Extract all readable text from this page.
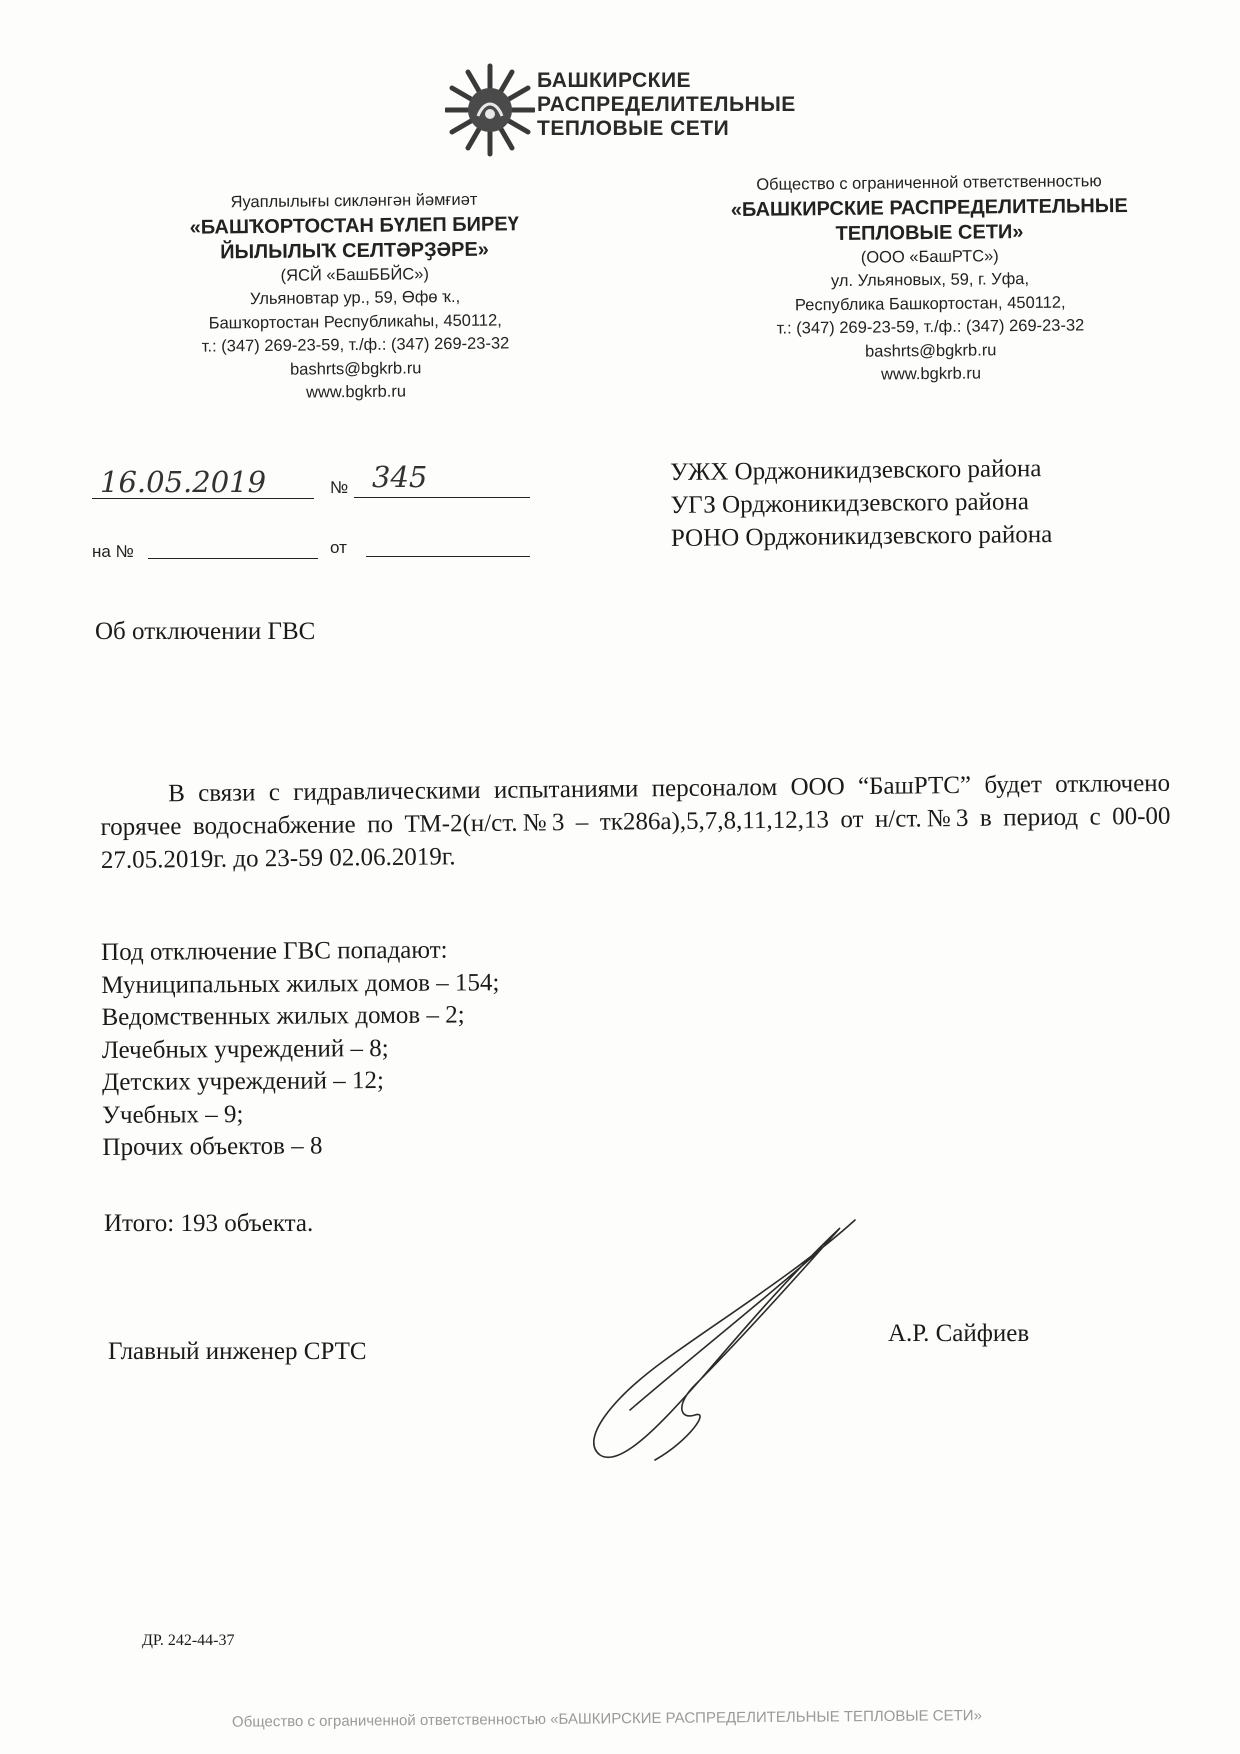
БАШКИРСКИЕ
РАСПРЕДЕЛИТЕЛЬНЫЕ
ТЕПЛОВЫЕ СЕТИ
Яуаплылығы сикләнгән йәмғиәт
«БАШҠОРТОСТАН БҮЛЕП БИРЕҮ
ЙЫЛЫЛЫҠ СЕЛТӘРҘӘРЕ»
(ЯСЙ «БашББЙС»)
Ульяновтар ур., 59, Өфө ҡ.,
Башҡортостан Республикаһы, 450112,
т.: (347) 269-23-59, т./ф.: (347) 269-23-32
bashrts@bgkrb.ru
www.bgkrb.ru
Общество с ограниченной ответственностью
«БАШКИРСКИЕ РАСПРЕДЕЛИТЕЛЬНЫЕ
ТЕПЛОВЫЕ СЕТИ»
(ООО «БашРТС»)
ул. Ульяновых, 59, г. Уфа,
Республика Башкортостан, 450112,
т.: (347) 269-23-59, т./ф.: (347) 269-23-32
bashrts@bgkrb.ru
www.bgkrb.ru
16.05.2019	№ 345
на №	от
УЖХ Орджоникидзевского района
УГЗ Орджоникидзевского района
РОНО Орджоникидзевского района
Об отключении ГВС

В связи с гидравлическими испытаниями персоналом ООО “БашРТС” будет отключено горячее водоснабжение по ТМ-2(н/ст.№3 – тк286а),5,7,8,11,12,13 от н/ст.№3 в период с 00-00 27.05.2019г. до 23-59 02.06.2019г.

Под отключение ГВС попадают:
Муниципальных жилых домов – 154;
Ведомственных жилых домов – 2;
Лечебных учреждений – 8;
Детских учреждений – 12;
Учебных – 9;
Прочих объектов – 8
Итого: 193 объекта.
Главный инженер СРТС
А.Р. Сайфиев
ДР. 242-44-37
Общество с ограниченной ответственностью «БАШКИРСКИЕ РАСПРЕДЕЛИТЕЛЬНЫЕ ТЕПЛОВЫЕ СЕТИ»
